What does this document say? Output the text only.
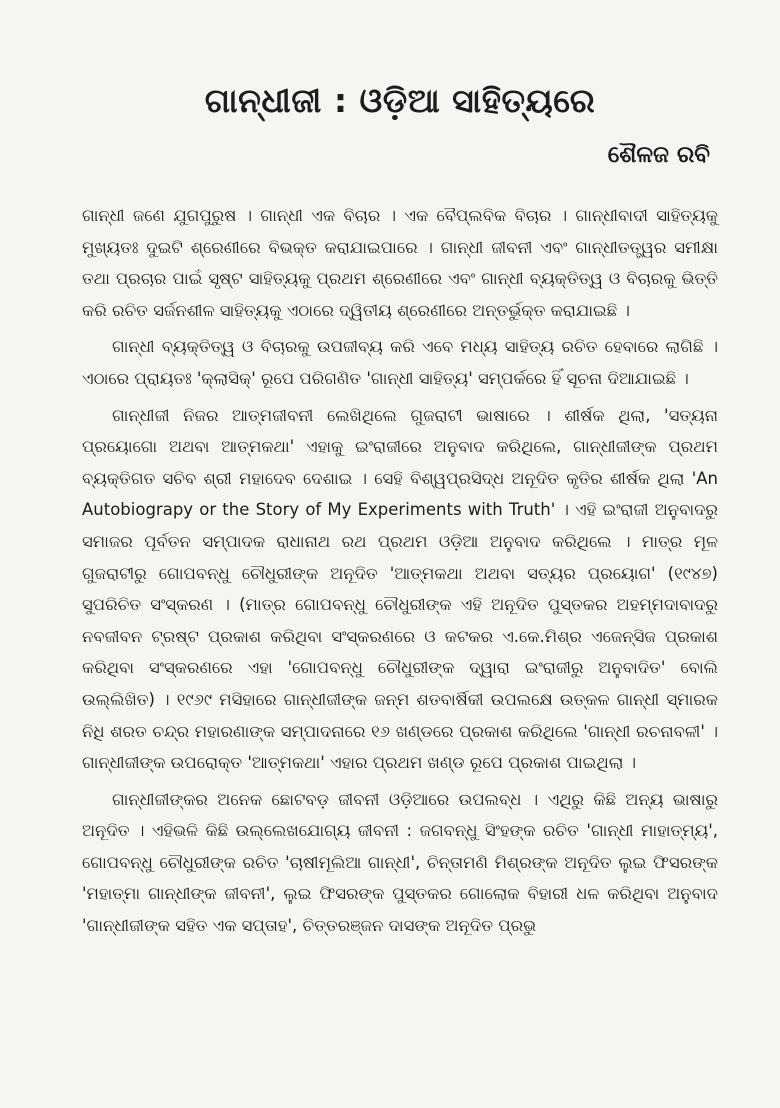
ଗାନ୍ଧୀଜୀ : ଓଡ଼ିଆ ସାହିତ୍ୟରେ
ଶୈଳଜ ରବି

ଗାନ୍ଧୀ ଜଣେ ଯୁଗପୁରୁଷ । ଗାନ୍ଧୀ ଏକ ବିଚାର । ଏକ ବୈପ୍ଲବିକ ବିଚାର । ଗାନ୍ଧୀବାଦୀ ସାହିତ୍ୟକୁ ମୁଖ୍ୟତଃ ଦୁଇଟି ଶ୍ରେଣୀରେ ବିଭକ୍ତ କରାଯାଇପାରେ । ଗାନ୍ଧୀ ଜୀବନୀ ଏବଂ ଗାନ୍ଧୀତତ୍ତ୍ୱର ସମୀକ୍ଷା ତଥା ପ୍ରଚାର ପାଇଁ ସୃଷ୍ଟ ସାହିତ୍ୟକୁ ପ୍ରଥମ ଶ୍ରେଣୀରେ ଏବଂ ଗାନ୍ଧୀ ବ୍ୟକ୍ତିତ୍ୱ ଓ ବିଚାରକୁ ଭିତ୍ତି କରି ରଚିତ ସର୍ଜନଶୀଳ ସାହିତ୍ୟକୁ ଏଠାରେ ଦ୍ୱିତୀୟ ଶ୍ରେଣୀରେ ଅନ୍ତର୍ଭୁକ୍ତ କରାଯାଇଛି ।

ଗାନ୍ଧୀ ବ୍ୟକ୍ତିତ୍ୱ ଓ ବିଚାରକୁ ଉପଜୀବ୍ୟ କରି ଏବେ ମଧ୍ୟ ସାହିତ୍ୟ ରଚିତ ହେବାରେ ଲାଗିଛି । ଏଠାରେ ପ୍ରାୟତଃ 'କ୍ଲାସିକ୍' ରୂପେ ପରିଗଣିତ 'ଗାନ୍ଧୀ ସାହିତ୍ୟ' ସମ୍ପର୍କରେ ହିଁ ସୂଚନା ଦିଆଯାଇଛି ।

ଗାନ୍ଧୀଜୀ ନିଜର ଆତ୍ମଜୀବନୀ ଲେଖିଥିଲେ ଗୁଜରାଟୀ ଭାଷାରେ । ଶୀର୍ଷକ ଥିଲା, 'ସତ୍ୟନା ପ୍ରୟୋଗୋ ଅଥବା ଆତ୍ମକଥା' ଏହାକୁ ଇଂରାଜୀରେ ଅନୁବାଦ କରିଥିଲେ, ଗାନ୍ଧୀଜୀଙ୍କ ପ୍ରଥମ ବ୍ୟକ୍ତିଗତ ସଚିବ ଶ୍ରୀ ମହାଦେବ ଦେଶାଇ । ସେହି ବିଶ୍ୱପ୍ରସିଦ୍ଧ ଅନୂଦିତ କୃତିର ଶୀର୍ଷକ ଥିଲା 'An Autobiograpy or the Story of My Experiments with Truth' । ଏହି ଇଂରାଜୀ ଅନୁବାଦରୁ ସମାଜର ପୂର୍ବତନ ସମ୍ପାଦକ ରାଧାନାଥ ରଥ ପ୍ରଥମ ଓଡ଼ିଆ ଅନୁବାଦ କରିଥିଲେ । ମାତ୍ର ମୂଳ ଗୁଜରାଟୀରୁ ଗୋପବନ୍ଧୁ ଚୌଧୁରୀଙ୍କ ଅନୂଦିତ 'ଆତ୍ମକଥା ଅଥବା ସତ୍ୟର ପ୍ରୟୋଗ' (୧୯୪୭) ସୁପରିଚିତ ସଂସ୍କରଣ । (ମାତ୍ର ଗୋପବନ୍ଧୁ ଚୌଧୁରୀଙ୍କ ଏହି ଅନୂଦିତ ପୁସ୍ତକର ଅହମ୍ମଦାବାଦରୁ ନବଜୀବନ ଟ୍ରଷ୍ଟ ପ୍ରକାଶ କରିଥିବା ସଂସ୍କରଣରେ ଓ କଟକର ଏ.କେ.ମିଶ୍ର ଏଜେନ୍ସିଜ ପ୍ରକାଶ କରିଥିବା ସଂସ୍କରଣରେ ଏହା 'ଗୋପବନ୍ଧୁ ଚୌଧୁରୀଙ୍କ ଦ୍ୱାରା ଇଂରାଜୀରୁ ଅନୁବାଦିତ' ବୋଲି ଉଲ୍ଲିଖିତ) । ୧୯୬୯ ମସିହାରେ ଗାନ୍ଧୀଜୀଙ୍କ ଜନ୍ମ ଶତବାର୍ଷିକୀ ଉପଲକ୍ଷେ ଉତ୍କଳ ଗାନ୍ଧୀ ସ୍ମାରକ ନିଧି ଶରତ ଚନ୍ଦ୍ର ମହାରଣାଙ୍କ ସମ୍ପାଦନାରେ ୧୬ ଖଣ୍ଡରେ ପ୍ରକାଶ କରିଥିଲେ 'ଗାନ୍ଧୀ ରଚନାବଳୀ' । ଗାନ୍ଧୀଜୀଙ୍କ ଉପରୋକ୍ତ 'ଆତ୍ମକଥା' ଏହାର ପ୍ରଥମ ଖଣ୍ଡ ରୂପେ ପ୍ରକାଶ ପାଇଥିଲା ।

ଗାନ୍ଧୀଜୀଙ୍କର ଅନେକ ଛୋଟବଡ଼ ଜୀବନୀ ଓଡ଼ିଆରେ ଉପଲବ୍ଧ । ଏଥିରୁ କିଛି ଅନ୍ୟ ଭାଷାରୁ ଅନୂଦିତ । ଏହିଭଳି କିଛି ଉଲ୍ଲେଖଯୋଗ୍ୟ ଜୀବନୀ : ଜଗବନ୍ଧୁ ସିଂହଙ୍କ ରଚିତ 'ଗାନ୍ଧୀ ମାହାତ୍ମ୍ୟ', ଗୋପବନ୍ଧୁ ଚୌଧୁରୀଙ୍କ ରଚିତ 'ଚାଷୀମୂଲିଆ ଗାନ୍ଧୀ', ଚିନ୍ତାମଣି ମିଶ୍ରଙ୍କ ଅନୂଦିତ ଲୁଇ ଫିସରଙ୍କ 'ମହାତ୍ମା ଗାନ୍ଧୀଙ୍କ ଜୀବନୀ', ଲୁଇ ଫିସରଙ୍କ ପୁସ୍ତକର ଗୋଲୋକ ବିହାରୀ ଧଳ କରିଥିବା ଅନୁବାଦ 'ଗାନ୍ଧୀଜୀଙ୍କ ସହିତ ଏକ ସପ୍ତାହ', ଚିତ୍ତରଞ୍ଜନ ଦାସଙ୍କ ଅନୂଦିତ ପ୍ରଭୁ
